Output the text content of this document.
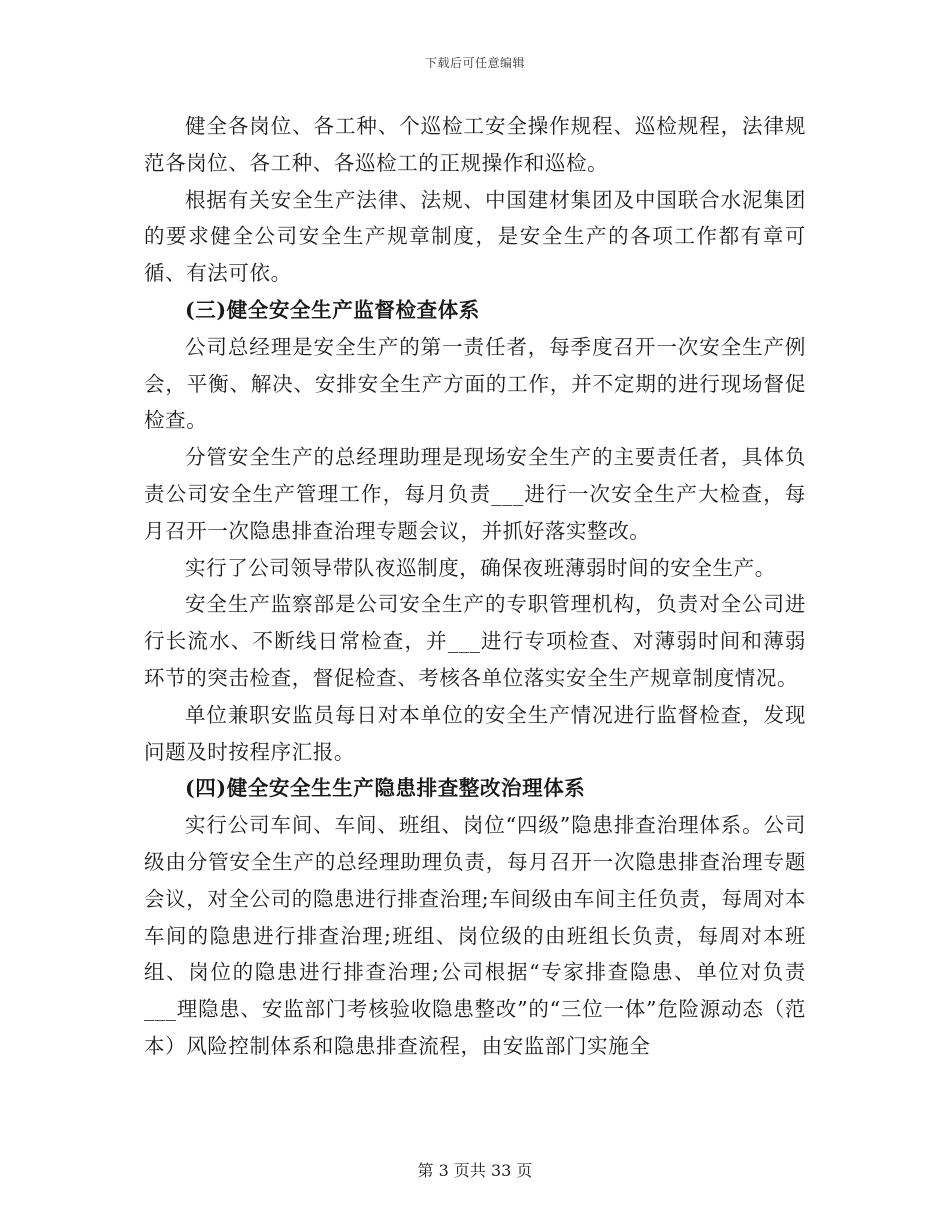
下载后可任意编辑

健全各岗位、各工种、个巡检工安全操作规程、巡检规程，法律规范各岗位、各工种、各巡检工的正规操作和巡检。

根据有关安全生产法律、法规、中国建材集团及中国联合水泥集团的要求健全公司安全生产规章制度，是安全生产的各项工作都有章可循、有法可依。

(三)健全安全生产监督检查体系

公司总经理是安全生产的第一责任者，每季度召开一次安全生产例会，平衡、解决、安排安全生产方面的工作，并不定期的进行现场督促检查。

分管安全生产的总经理助理是现场安全生产的主要责任者，具体负责公司安全生产管理工作，每月负责___进行一次安全生产大检查，每月召开一次隐患排查治理专题会议，并抓好落实整改。

实行了公司领导带队夜巡制度，确保夜班薄弱时间的安全生产。

安全生产监察部是公司安全生产的专职管理机构，负责对全公司进行长流水、不断线日常检查，并___进行专项检查、对薄弱时间和薄弱环节的突击检查，督促检查、考核各单位落实安全生产规章制度情况。

单位兼职安监员每日对本单位的安全生产情况进行监督检查，发现问题及时按程序汇报。

(四)健全安全生生产隐患排查整改治理体系

实行公司车间、车间、班组、岗位“四级”隐患排查治理体系。公司级由分管安全生产的总经理助理负责，每月召开一次隐患排查治理专题会议，对全公司的隐患进行排查治理;车间级由车间主任负责，每周对本车间的隐患进行排查治理;班组、岗位级的由班组长负责，每周对本班组、岗位的隐患进行排查治理;公司根据“专家排查隐患、单位对负责___理隐患、安监部门考核验收隐患整改”的“三位一体”危险源动态（范本）风险控制体系和隐患排查流程，由安监部门实施全

第 3 页共 33 页
